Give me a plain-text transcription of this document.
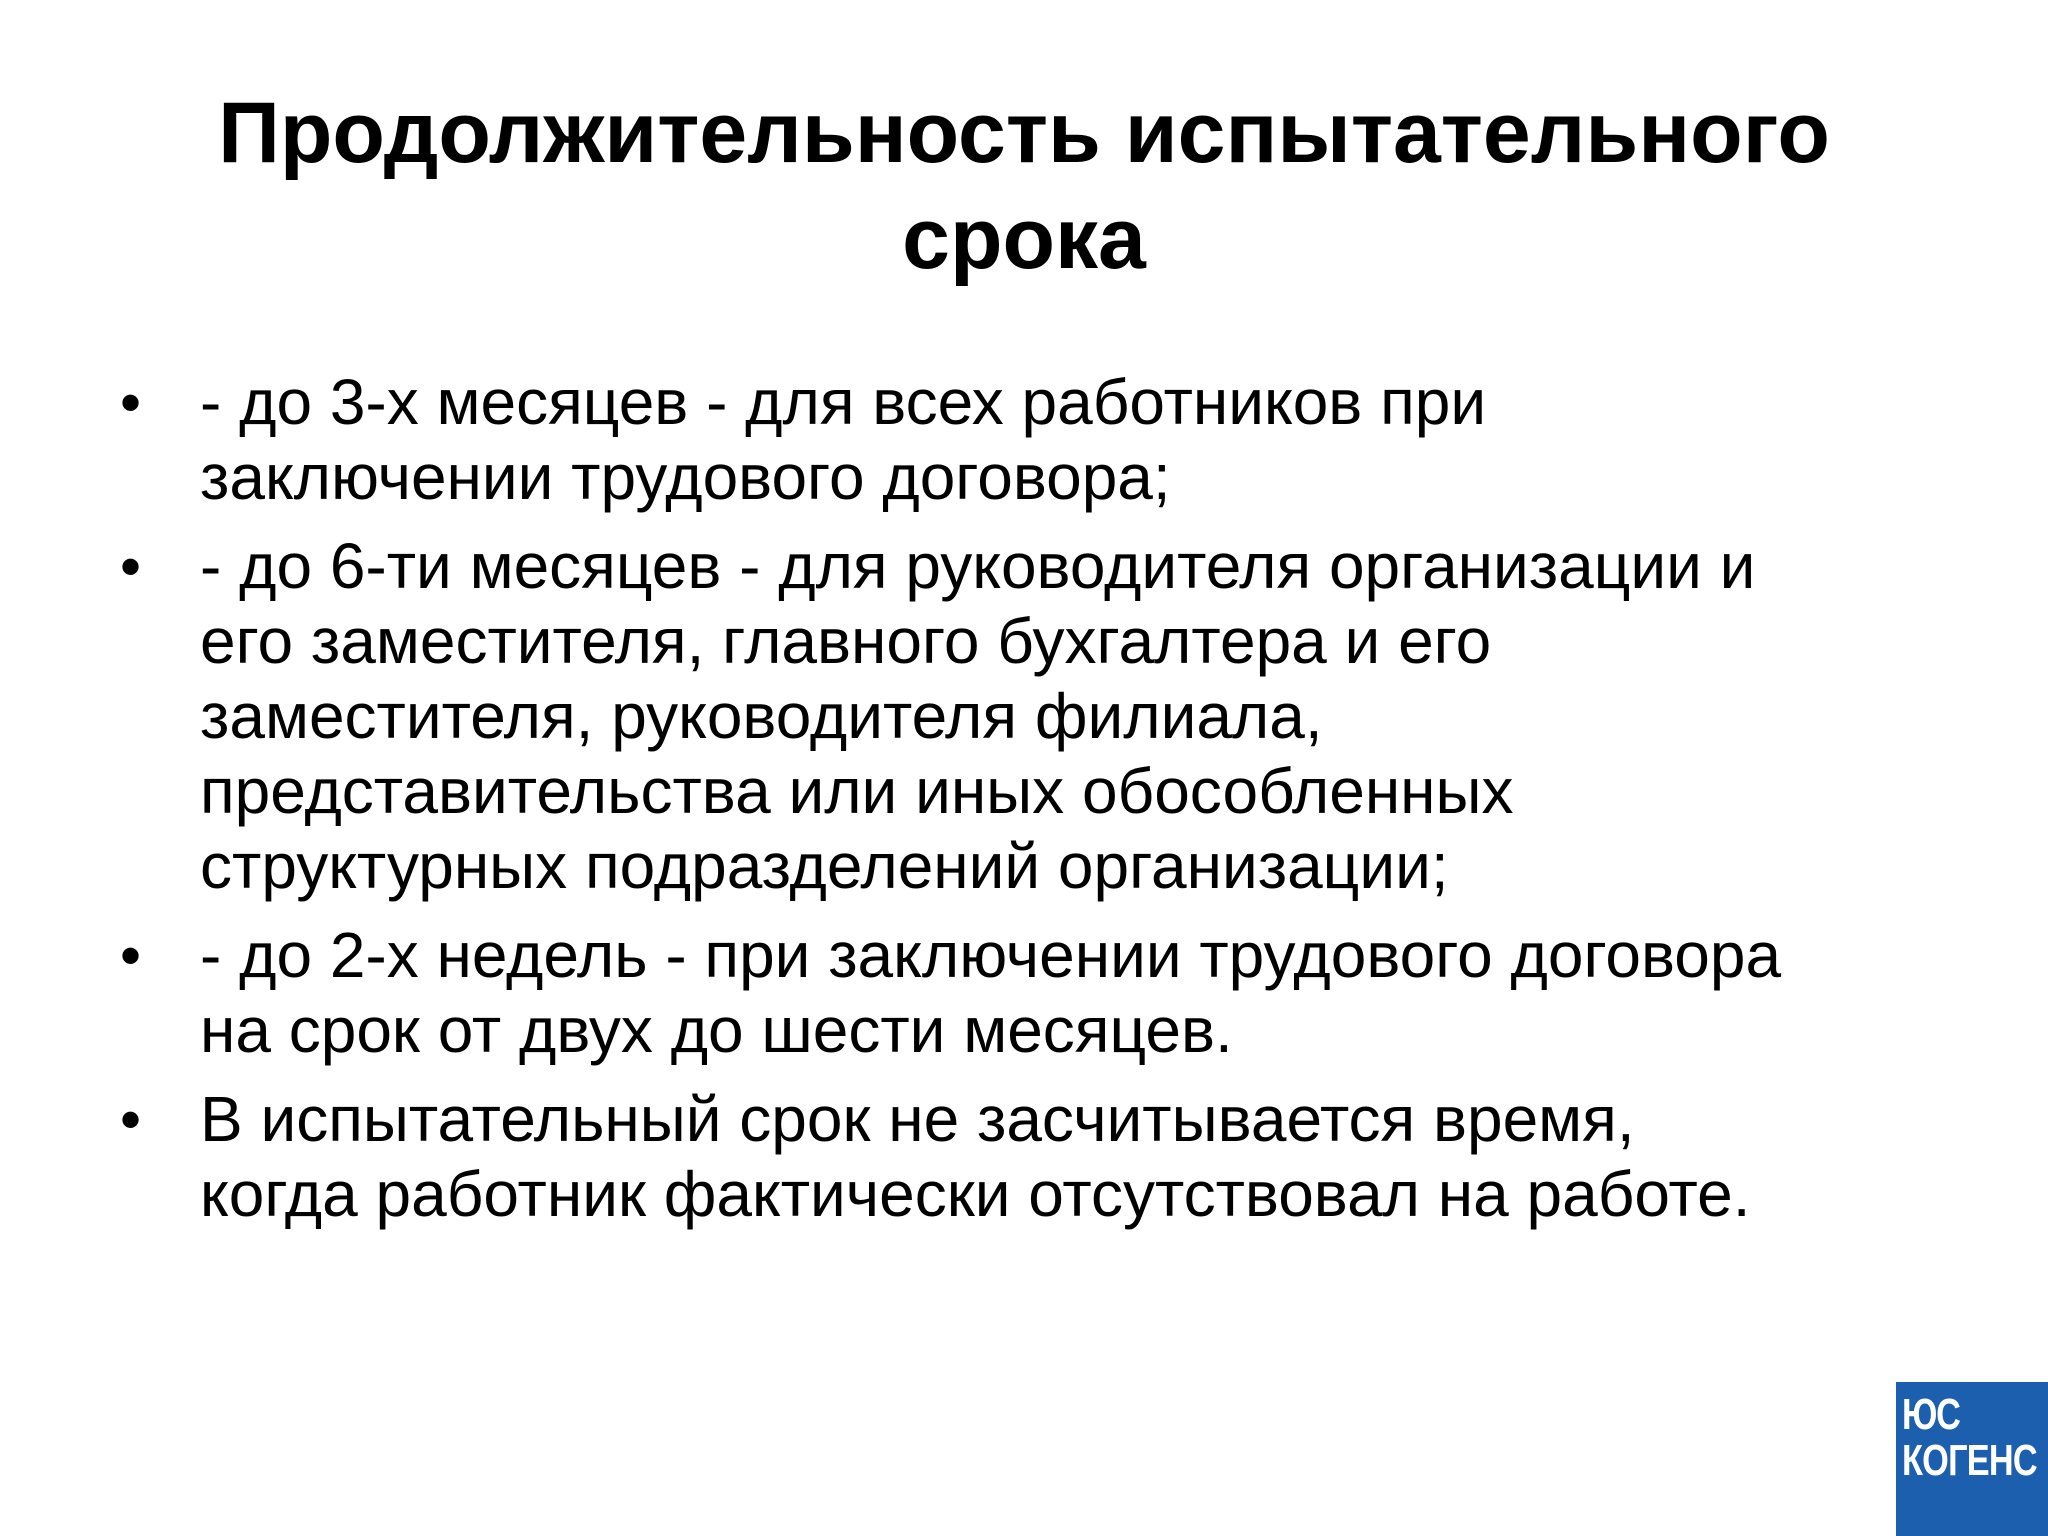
Продолжительность испытательного
срока
• - до 3-х месяцев - для всех работников при
заключении трудового договора;
• - до 6-ти месяцев - для руководителя организации и
его заместителя, главного бухгалтера и его
заместителя, руководителя филиала,
представительства или иных обособленных
структурных подразделений организации;
• - до 2-х недель - при заключении трудового договора
на срок от двух до шести месяцев.
• В испытательный срок не засчитывается время,
когда работник фактически отсутствовал на работе.
ЮС
КОГЕНС
